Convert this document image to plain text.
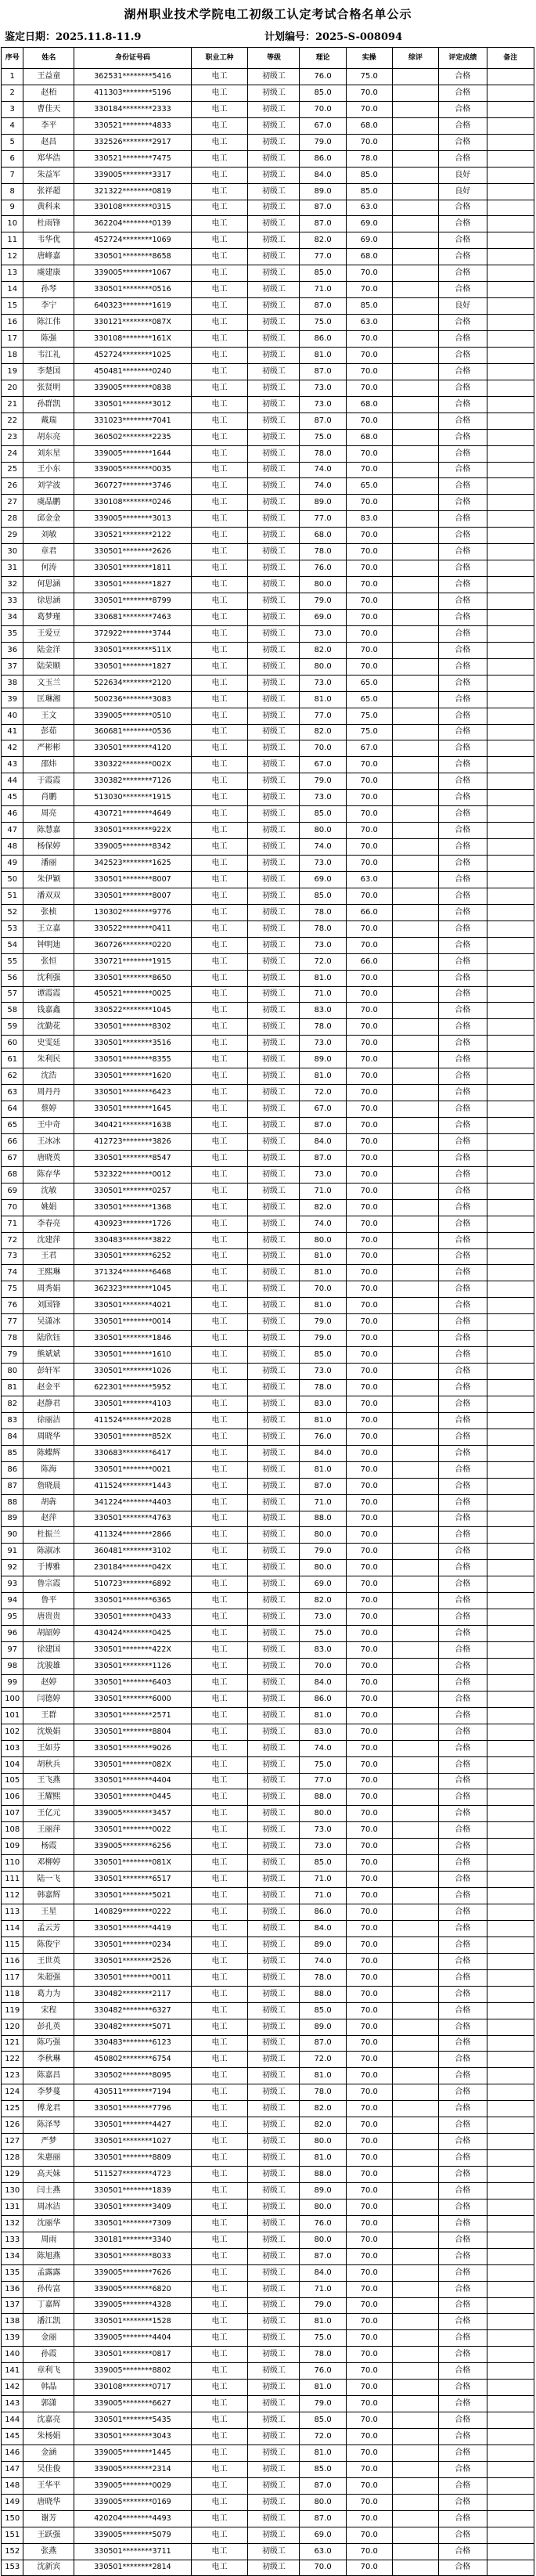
湖州职业技术学院电工初级工认定考试合格名单公示
鉴定日期：2025.11.8-11.9	计划编号：2025-S-008094
序号	姓名	身份证号码	职业工种	等级	理论	实操	综评	评定成绩	备注
1	王益童	362531********5416	电工	初级工	76.0	75.0		合格	
2	赵栢	411303********5196	电工	初级工	85.0	70.0		合格	
3	曹佳天	330184********2333	电工	初级工	70.0	70.0		合格	
4	李平	330521********4833	电工	初级工	67.0	68.0		合格	
5	赵昌	332526********2917	电工	初级工	79.0	70.0		合格	
6	郑华浩	330521********7475	电工	初级工	86.0	78.0		合格	
7	朱益军	339005********3317	电工	初级工	84.0	85.0		良好	
8	张祥超	321322********0819	电工	初级工	89.0	85.0		良好	
9	黄科来	330108********0315	电工	初级工	87.0	63.0		合格	
10	杜雨锋	362204********0139	电工	初级工	87.0	69.0		合格	
11	韦华优	452724********1069	电工	初级工	82.0	69.0		合格	
12	唐峰嘉	330501********8658	电工	初级工	77.0	68.0		合格	
13	虞建康	339005********1067	电工	初级工	85.0	70.0		合格	
14	孙琴	330501********0516	电工	初级工	71.0	70.0		合格	
15	李宁	640323********1619	电工	初级工	87.0	85.0		良好	
16	陈江伟	330121********087X	电工	初级工	75.0	63.0		合格	
17	陈强	330108********161X	电工	初级工	86.0	70.0		合格	
18	韦江礼	452724********1025	电工	初级工	81.0	70.0		合格	
19	李楚国	450481********0240	电工	初级工	87.0	70.0		合格	
20	张贤明	339005********0838	电工	初级工	73.0	70.0		合格	
21	孙群凯	330501********3012	电工	初级工	73.0	68.0		合格	
22	戴瑞	331023********7041	电工	初级工	87.0	70.0		合格	
23	胡东亮	360502********2235	电工	初级工	75.0	68.0		合格	
24	刘东星	339005********1644	电工	初级工	78.0	70.0		合格	
25	王小东	339005********0035	电工	初级工	74.0	70.0		合格	
26	刘学波	360727********3746	电工	初级工	74.0	65.0		合格	
27	虞晶鹏	330108********0246	电工	初级工	89.0	70.0		合格	
28	邱金金	339005********3013	电工	初级工	77.0	83.0		合格	
29	刘敏	330521********2122	电工	初级工	68.0	70.0		合格	
30	章君	330501********2626	电工	初级工	78.0	70.0		合格	
31	何涛	330501********1811	电工	初级工	76.0	70.0		合格	
32	何思涵	330501********1827	电工	初级工	80.0	70.0		合格	
33	徐思涵	330501********8799	电工	初级工	79.0	70.0		合格	
34	葛梦瑾	330681********7463	电工	初级工	69.0	70.0		合格	
35	王爱豆	372922********3744	电工	初级工	73.0	70.0		合格	
36	陆金洋	330501********511X	电工	初级工	82.0	70.0		合格	
37	陆荣顺	330501********1827	电工	初级工	80.0	70.0		合格	
38	文玉兰	522634********2120	电工	初级工	73.0	65.0		合格	
39	匡琳湘	500236********3083	电工	初级工	81.0	65.0		合格	
40	王文	339005********0510	电工	初级工	77.0	75.0		合格	
41	彭茹	360681********0536	电工	初级工	82.0	75.0		合格	
42	严彬彬	330501********4120	电工	初级工	70.0	67.0		合格	
43	邵炜	330322********002X	电工	初级工	67.0	70.0		合格	
44	于霞霞	330382********7126	电工	初级工	79.0	70.0		合格	
45	肖鹏	513030********1915	电工	初级工	73.0	70.0		合格	
46	周亮	430721********4649	电工	初级工	85.0	70.0		合格	
47	陈慧嘉	330501********922X	电工	初级工	80.0	70.0		合格	
48	杨保婷	339005********8342	电工	初级工	74.0	70.0		合格	
49	潘丽	342523********1625	电工	初级工	73.0	70.0		合格	
50	朱伊颖	330501********8007	电工	初级工	69.0	63.0		合格	
51	潘双双	330501********8007	电工	初级工	85.0	70.0		合格	
52	张桢	130302********9776	电工	初级工	78.0	66.0		合格	
53	王立嘉	330522********0411	电工	初级工	78.0	70.0		合格	
54	钟明迪	360726********0220	电工	初级工	73.0	70.0		合格	
55	张恒	330721********1915	电工	初级工	72.0	66.0		合格	
56	沈利强	330501********8650	电工	初级工	81.0	70.0		合格	
57	谭霞霞	450521********0025	电工	初级工	71.0	70.0		合格	
58	钱嘉鑫	330522********1045	电工	初级工	83.0	70.0		合格	
59	沈勤花	330501********8302	电工	初级工	78.0	70.0		合格	
60	史雯廷	330501********3516	电工	初级工	73.0	70.0		合格	
61	朱利民	330501********8355	电工	初级工	89.0	70.0		合格	
62	沈浩	330501********1620	电工	初级工	81.0	70.0		合格	
63	周丹丹	330501********6423	电工	初级工	72.0	70.0		合格	
64	蔡婷	330501********1645	电工	初级工	67.0	70.0		合格	
65	王中奇	340421********1638	电工	初级工	87.0	70.0		合格	
66	王冰冰	412723********3826	电工	初级工	84.0	70.0		合格	
67	唐晓英	330501********8547	电工	初级工	87.0	70.0		合格	
68	陈存华	532322********0012	电工	初级工	73.0	70.0		合格	
69	沈敏	330501********0257	电工	初级工	71.0	70.0		合格	
70	姚娟	330501********1368	电工	初级工	82.0	70.0		合格	
71	李春亮	430923********1726	电工	初级工	74.0	70.0		合格	
72	沈建萍	330483********3822	电工	初级工	80.0	70.0		合格	
73	王君	330501********6252	电工	初级工	81.0	70.0		合格	
74	王熙琳	371324********6468	电工	初级工	81.0	70.0		合格	
75	周秀娟	362323********1045	电工	初级工	70.0	70.0		合格	
76	刘国锋	330501********4021	电工	初级工	81.0	70.0		合格	
77	吴潇冰	330501********0014	电工	初级工	79.0	70.0		合格	
78	陆欣钰	330501********1846	电工	初级工	79.0	70.0		合格	
79	熊斌斌	330501********1610	电工	初级工	85.0	70.0		合格	
80	彭轩军	330501********1026	电工	初级工	73.0	70.0		合格	
81	赵金平	622301********5952	电工	初级工	78.0	70.0		合格	
82	赵静君	330501********4103	电工	初级工	83.0	70.0		合格	
83	徐丽洁	411524********2028	电工	初级工	81.0	70.0		合格	
84	周晓华	330501********852X	电工	初级工	76.0	70.0		合格	
85	陈蝶辉	330683********6417	电工	初级工	84.0	70.0		合格	
86	陈海	330501********0021	电工	初级工	81.0	70.0		合格	
87	詹晓晨	411524********1443	电工	初级工	87.0	70.0		合格	
88	胡犇	341224********4403	电工	初级工	71.0	70.0		合格	
89	赵萍	330501********4763	电工	初级工	88.0	70.0		合格	
90	杜振兰	411324********2866	电工	初级工	80.0	70.0		合格	
91	陈淑冰	360481********3102	电工	初级工	79.0	70.0		合格	
92	于博雅	230184********042X	电工	初级工	80.0	70.0		合格	
93	鲁宗霞	510723********6892	电工	初级工	69.0	70.0		合格	
94	鲁平	330501********6365	电工	初级工	82.0	70.0		合格	
95	唐贵贵	330501********0433	电工	初级工	73.0	70.0		合格	
96	胡韶婷	430424********0425	电工	初级工	75.0	70.0		合格	
97	徐建国	330501********422X	电工	初级工	83.0	70.0		合格	
98	沈骏雄	330501********1126	电工	初级工	70.0	70.0		合格	
99	赵婷	330501********6403	电工	初级工	84.0	70.0		合格	
100	闫德婷	330501********6000	电工	初级工	86.0	70.0		合格	
101	王群	330501********2571	电工	初级工	81.0	70.0		合格	
102	沈焕娟	330501********8804	电工	初级工	83.0	70.0		合格	
103	王如芬	330501********9026	电工	初级工	74.0	70.0		合格	
104	胡秋兵	330501********082X	电工	初级工	75.0	70.0		合格	
105	王飞燕	330501********4404	电工	初级工	77.0	70.0		合格	
106	王耀熙	330501********0445	电工	初级工	88.0	70.0		合格	
107	王亿元	339005********3457	电工	初级工	80.0	70.0		合格	
108	王丽萍	330501********0022	电工	初级工	73.0	70.0		合格	
109	杨霞	339005********6256	电工	初级工	73.0	70.0		合格	
110	邓柳婷	330501********081X	电工	初级工	85.0	70.0		合格	
111	陆一飞	330501********6517	电工	初级工	71.0	70.0		合格	
112	韩嘉辉	330501********5021	电工	初级工	71.0	70.0		合格	
113	王星	140829********0222	电工	初级工	86.0	70.0		合格	
114	孟云芳	330501********4419	电工	初级工	84.0	70.0		合格	
115	陈俊宇	330501********0234	电工	初级工	89.0	70.0		合格	
116	王世英	330501********2526	电工	初级工	74.0	70.0		合格	
117	朱超强	330501********0011	电工	初级工	78.0	70.0		合格	
118	葛力为	330482********2117	电工	初级工	88.0	70.0		合格	
119	宋程	330482********6327	电工	初级工	85.0	70.0		合格	
120	彭孔英	330482********5071	电工	初级工	89.0	70.0		合格	
121	陈巧强	330483********6123	电工	初级工	87.0	70.0		合格	
122	李秋琳	450802********6754	电工	初级工	72.0	70.0		合格	
123	陈嘉昌	330502********8095	电工	初级工	81.0	70.0		合格	
124	李梦蔓	430511********7194	电工	初级工	78.0	70.0		合格	
125	傅龙君	330501********7796	电工	初级工	82.0	70.0		合格	
126	陈泽琴	330501********4427	电工	初级工	82.0	70.0		合格	
127	严梦	330501********1027	电工	初级工	80.0	70.0		合格	
128	朱惠丽	330501********8809	电工	初级工	81.0	70.0		合格	
129	高天妹	511527********4723	电工	初级工	88.0	70.0		合格	
130	闫士燕	330501********1839	电工	初级工	89.0	70.0		合格	
131	周冰洁	330501********3409	电工	初级工	80.0	70.0		合格	
132	沈丽华	330501********7309	电工	初级工	76.0	70.0		合格	
133	周雨	330181********3340	电工	初级工	80.0	70.0		合格	
134	陈旭燕	330501********8033	电工	初级工	87.0	70.0		合格	
135	孟露露	339005********7626	电工	初级工	84.0	70.0		合格	
136	孙传富	339005********6820	电工	初级工	71.0	70.0		合格	
137	丁嘉辉	339005********4328	电工	初级工	79.0	70.0		合格	
138	潘江凯	330501********1528	电工	初级工	81.0	70.0		合格	
139	金丽	339005********4404	电工	初级工	75.0	70.0		合格	
140	孙霞	330501********0817	电工	初级工	78.0	70.0		合格	
141	章利飞	339005********8802	电工	初级工	76.0	70.0		合格	
142	韩晶	330108********0717	电工	初级工	81.0	70.0		合格	
143	郭潇	339005********6627	电工	初级工	79.0	70.0		合格	
144	沈嘉亮	330501********5435	电工	初级工	85.0	70.0		合格	
145	朱杨娟	330501********3043	电工	初级工	72.0	70.0		合格	
146	金涵	339005********1445	电工	初级工	81.0	70.0		合格	
147	吴佳俊	339005********2314	电工	初级工	85.0	70.0		合格	
148	王华平	339005********0029	电工	初级工	87.0	70.0		合格	
149	唐晓华	339005********0169	电工	初级工	80.0	70.0		合格	
150	谢芳	420204********4493	电工	初级工	87.0	70.0		合格	
151	王跃强	339005********5079	电工	初级工	69.0	70.0		合格	
152	张燕	330501********3711	电工	初级工	63.0	70.0		合格	
153	沈新宾	330501********2814	电工	初级工	70.0	70.0		合格	
